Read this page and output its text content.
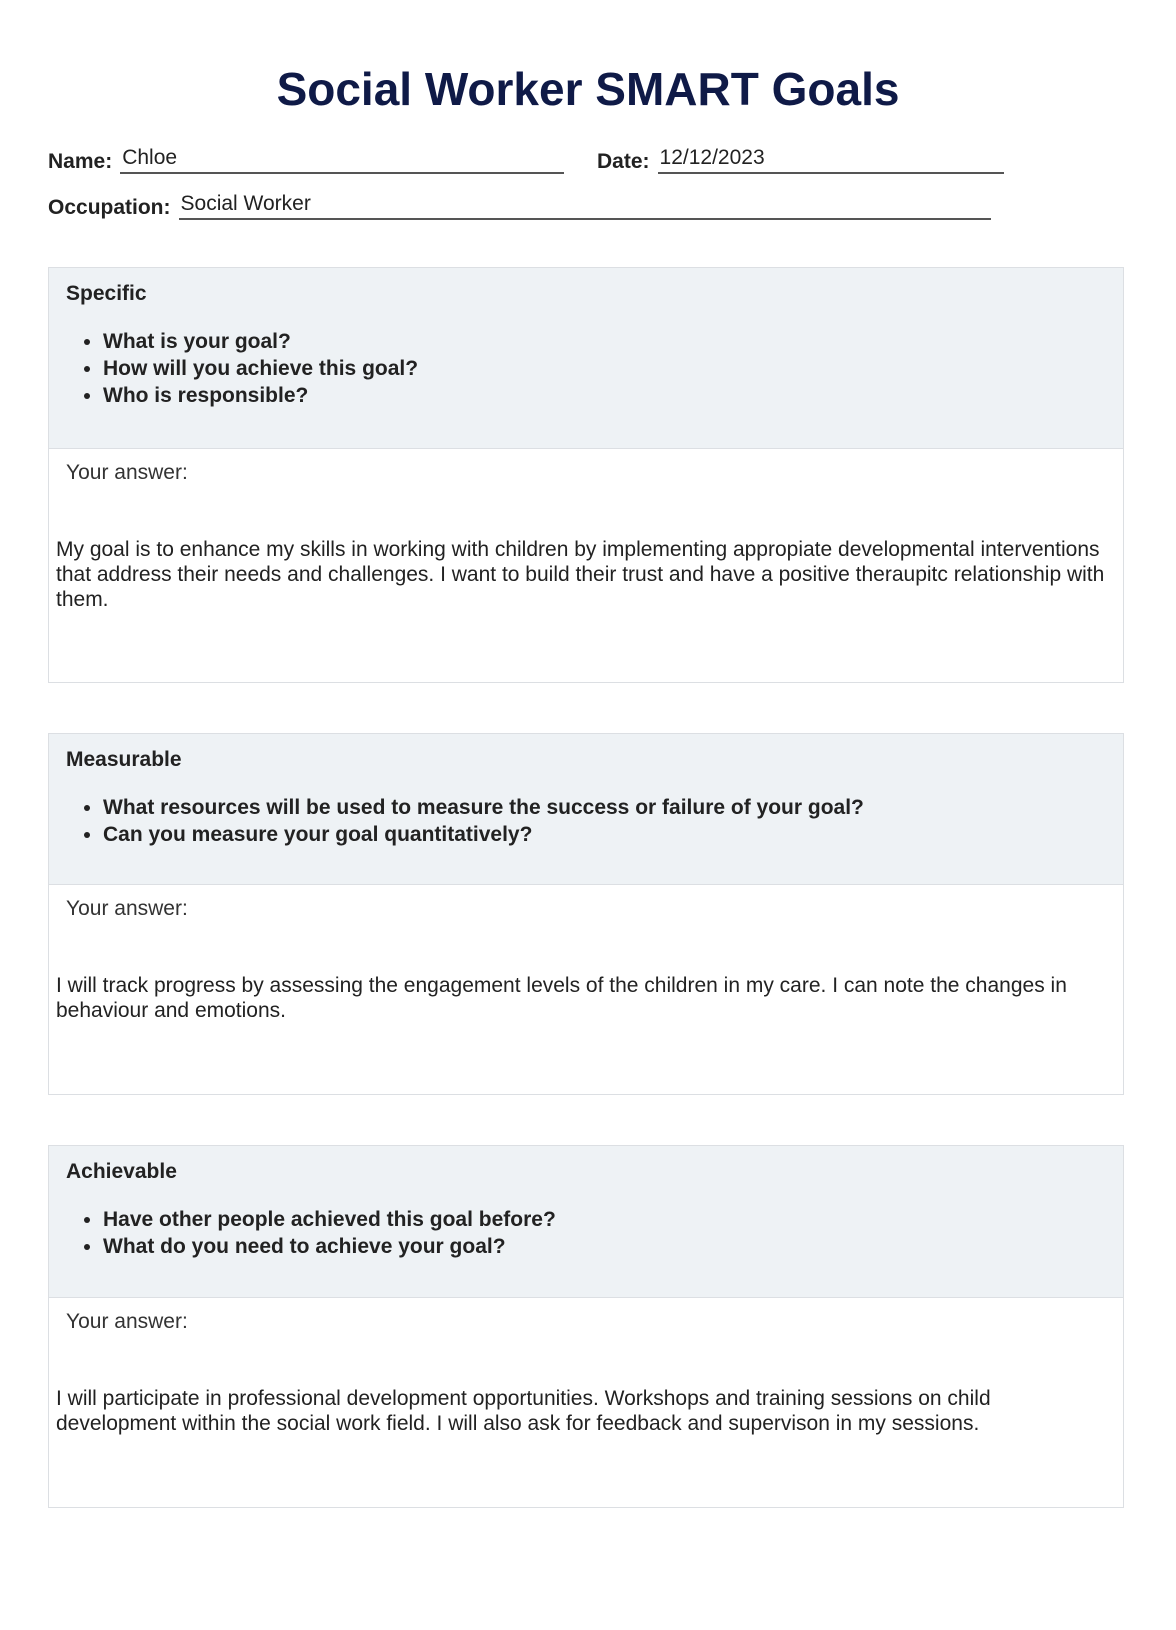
Social Worker SMART Goals
Name: Chloe	Date: 12/12/2023
Occupation: Social Worker
Specific
• What is your goal?
• How will you achieve this goal?
• Who is responsible?
Your answer:
My goal is to enhance my skills in working with children by implementing appropiate developmental interventions that address their needs and challenges. I want to build their trust and have a positive theraupitc relationship with them.
Measurable
• What resources will be used to measure the success or failure of your goal?
• Can you measure your goal quantitatively?
Your answer:
I will track progress by assessing the engagement levels of the children in my care. I can note the changes in behaviour and emotions.
Achievable
• Have other people achieved this goal before?
• What do you need to achieve your goal?
Your answer:
I will participate in professional development opportunities. Workshops and training sessions on child development within the social work field. I will also ask for feedback and supervison in my sessions.
